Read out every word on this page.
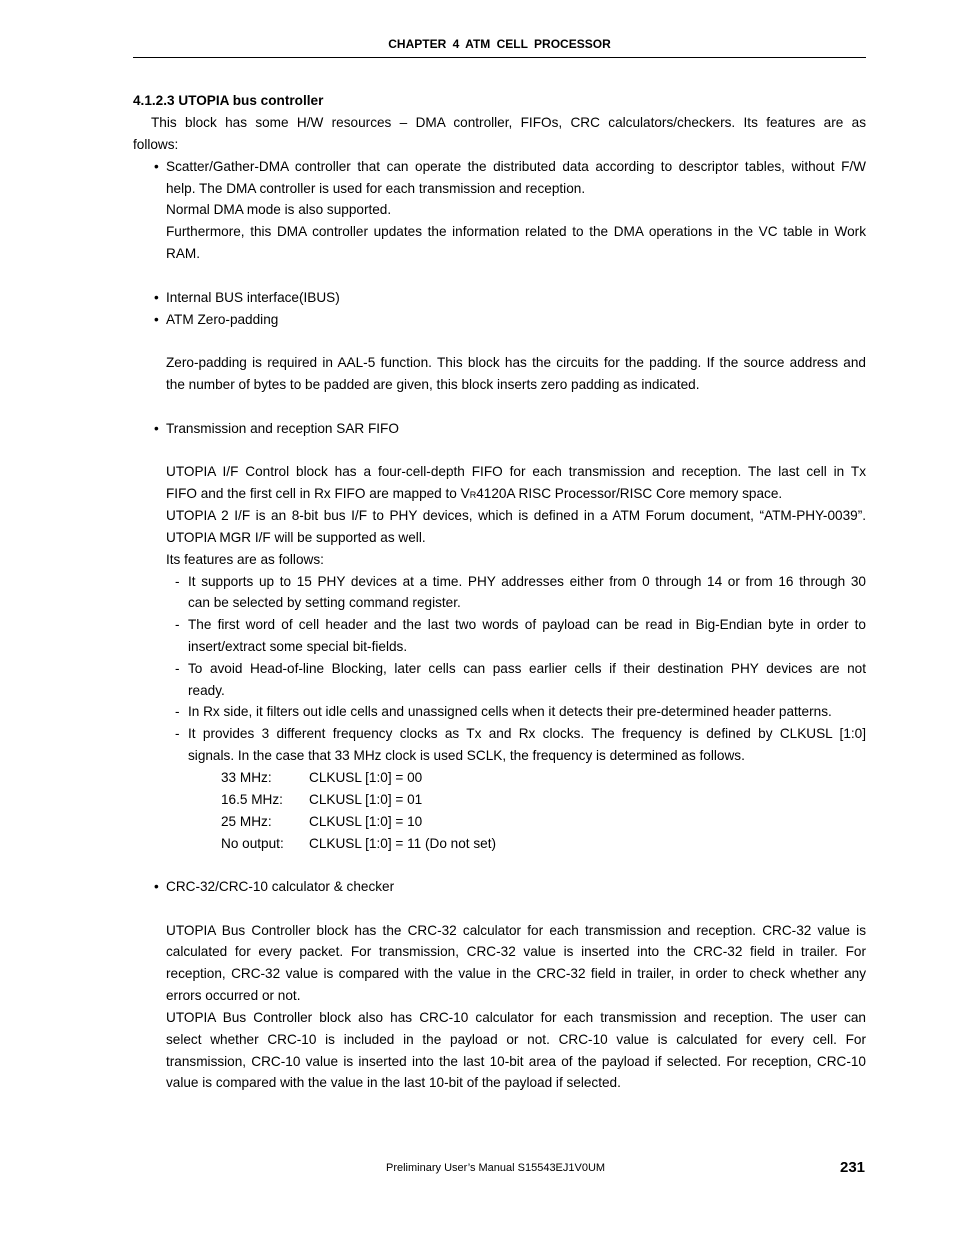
CHAPTER 4 ATM CELL PROCESSOR
4.1.2.3 UTOPIA bus controller
This block has some H/W resources – DMA controller, FIFOs, CRC calculators/checkers. Its features are as
follows:
• Scatter/Gather-DMA controller that can operate the distributed data according to descriptor tables, without F/W
help. The DMA controller is used for each transmission and reception.
Normal DMA mode is also supported.
Furthermore, this DMA controller updates the information related to the DMA operations in the VC table in Work
RAM.
• Internal BUS interface(IBUS)
• ATM Zero-padding
Zero-padding is required in AAL-5 function. This block has the circuits for the padding. If the source address and
the number of bytes to be padded are given, this block inserts zero padding as indicated.
• Transmission and reception SAR FIFO
UTOPIA I/F Control block has a four-cell-depth FIFO for each transmission and reception. The last cell in Tx
FIFO and the first cell in Rx FIFO are mapped to VR4120A RISC Processor/RISC Core memory space.
UTOPIA 2 I/F is an 8-bit bus I/F to PHY devices, which is defined in a ATM Forum document, “ATM-PHY-0039”.
UTOPIA MGR I/F will be supported as well.
Its features are as follows:
- It supports up to 15 PHY devices at a time. PHY addresses either from 0 through 14 or from 16 through 30
can be selected by setting command register.
- The first word of cell header and the last two words of payload can be read in Big-Endian byte in order to
insert/extract some special bit-fields.
- To avoid Head-of-line Blocking, later cells can pass earlier cells if their destination PHY devices are not
ready.
- In Rx side, it filters out idle cells and unassigned cells when it detects their pre-determined header patterns.
- It provides 3 different frequency clocks as Tx and Rx clocks. The frequency is defined by CLKUSL [1:0]
signals. In the case that 33 MHz clock is used SCLK, the frequency is determined as follows.
33 MHz:	CLKUSL [1:0] = 00
16.5 MHz: CLKUSL [1:0] = 01
25 MHz:	CLKUSL [1:0] = 10
No output: CLKUSL [1:0] = 11 (Do not set)
• CRC-32/CRC-10 calculator & checker
UTOPIA Bus Controller block has the CRC-32 calculator for each transmission and reception. CRC-32 value is
calculated for every packet. For transmission, CRC-32 value is inserted into the CRC-32 field in trailer. For
reception, CRC-32 value is compared with the value in the CRC-32 field in trailer, in order to check whether any
errors occurred or not.
UTOPIA Bus Controller block also has CRC-10 calculator for each transmission and reception. The user can
select whether CRC-10 is included in the payload or not. CRC-10 value is calculated for every cell. For
transmission, CRC-10 value is inserted into the last 10-bit area of the payload if selected. For reception, CRC-10
value is compared with the value in the last 10-bit of the payload if selected.
Preliminary User’s Manual S15543EJ1V0UM	231
